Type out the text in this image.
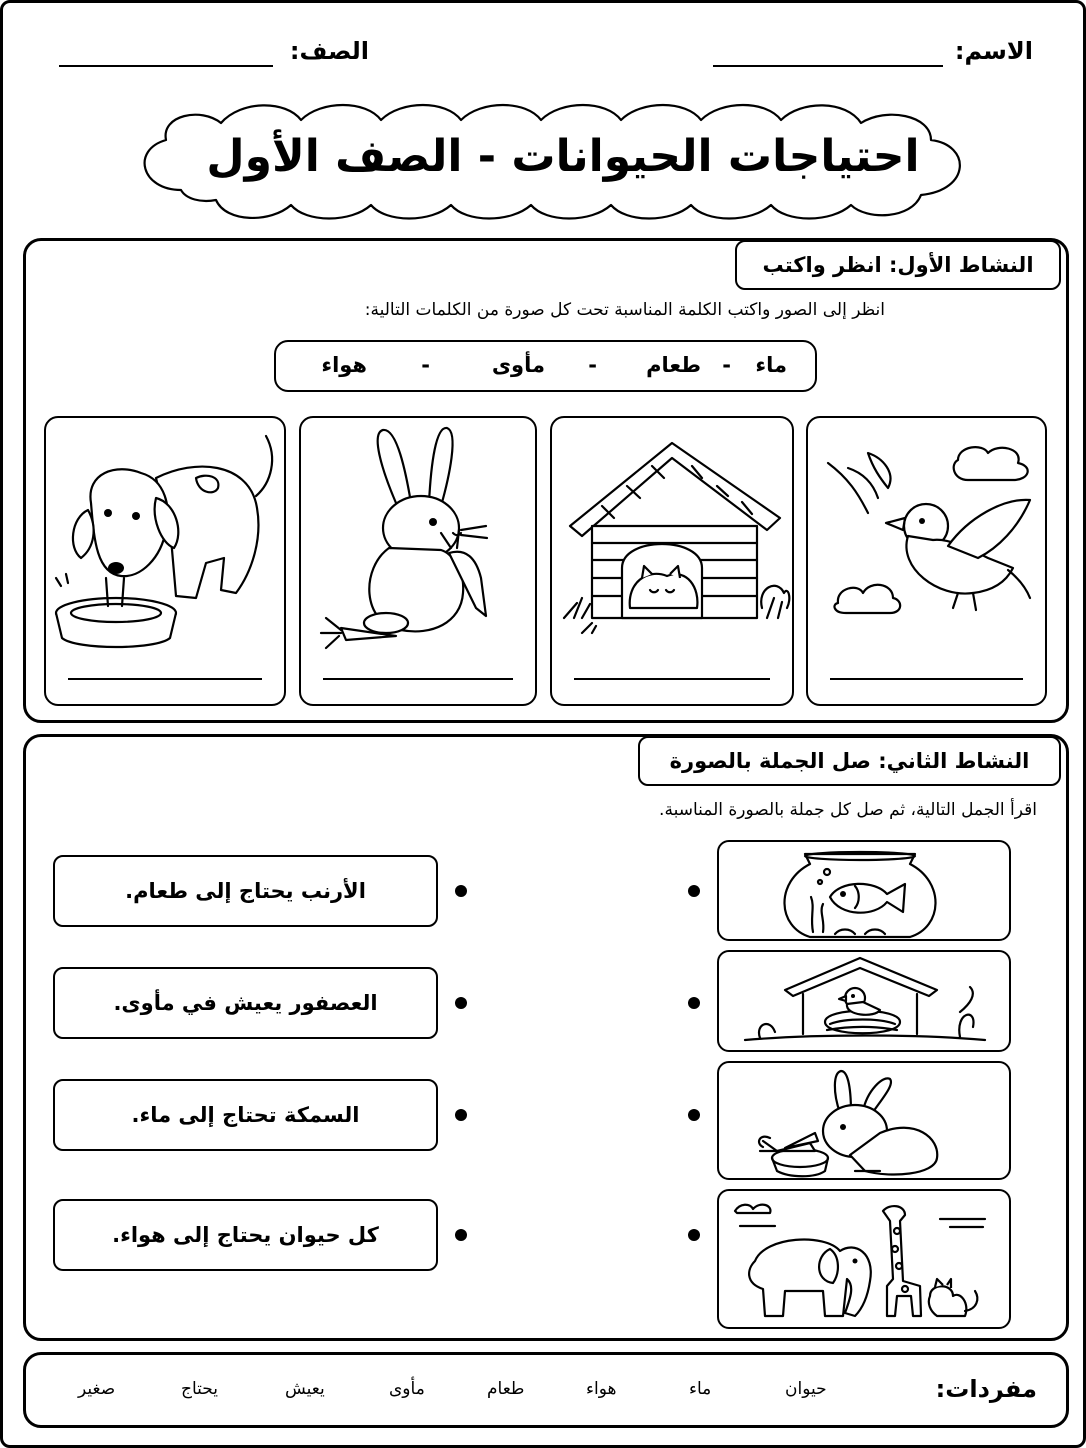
الاسم:
الصف:
احتياجات الحيوانات - الصف الأول
النشاط الأول: انظر واكتب
انظر إلى الصور واكتب الكلمة المناسبة تحت كل صورة من الكلمات التالية:
ماء
-
طعام
-
مأوى
-
هواء
النشاط الثاني: صل الجملة بالصورة
اقرأ الجمل التالية، ثم صل كل جملة بالصورة المناسبة.
الأرنب يحتاج إلى طعام.
العصفور يعيش في مأوى.
السمكة تحتاج إلى ماء.
كل حيوان يحتاج إلى هواء.
مفردات:
حيوان
ماء
هواء
طعام
مأوى
يعيش
يحتاج
صغير
